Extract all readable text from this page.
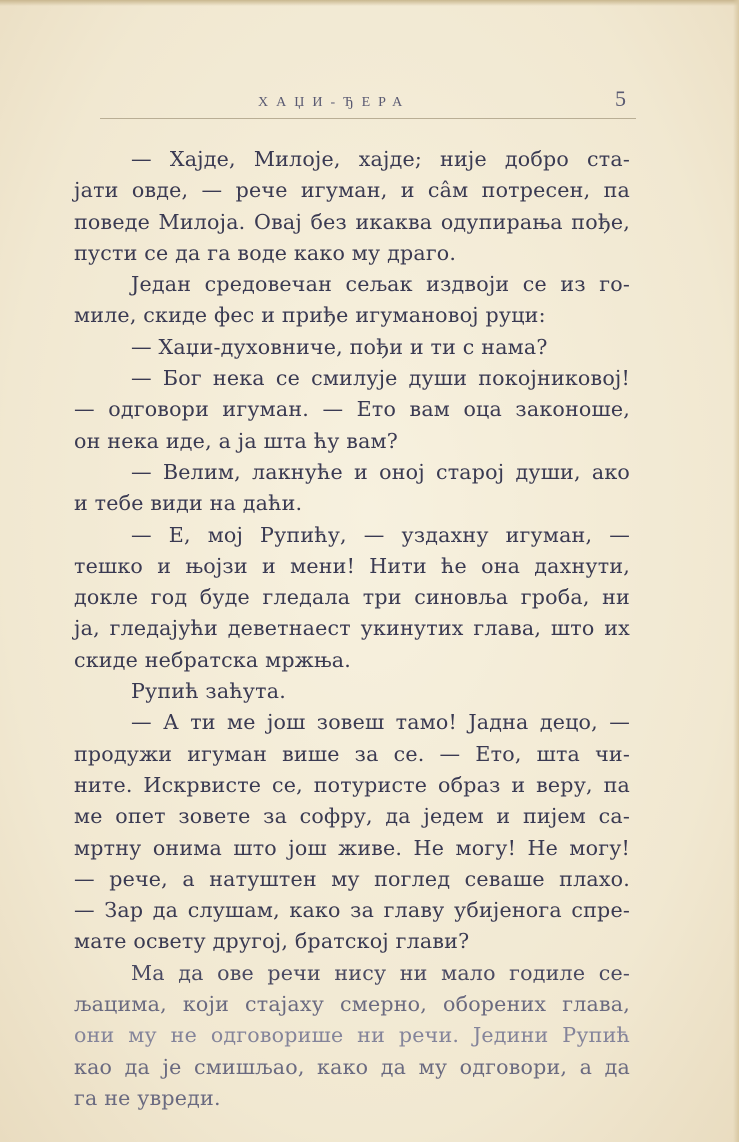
ХАЏИ-ЂЕРА	5
— Хајде, Милоје, хајде; није добро ста-
јати овде, — рече игуман, и сâм потресен, па
поведе Милоја. Овај без икаква одупирања пође,
пусти се да га воде како му драго.
Један средовечан сељак издвоји се из го-
миле, скиде фес и приђе игумановој руци:
— Хаџи-духовниче, пођи и ти с нама?
— Бог нека се смилује души покојниковој!
— одговори игуман. — Ето вам оца законоше,
он нека иде, а ја шта ћу вам?
— Велим, лакнуће и оној старој души, ако
и тебе види на даћи.
— Е, мој Рупићу, — уздахну игуман, —
тешко и њојзи и мени! Нити ће она дахнути,
докле год буде гледала три синовља гроба, ни
ја, гледајући деветнаест укинутих глава, што их
скиде небратска мржња.
Рупић заћута.
— А ти ме још зовеш тамо! Јадна децо, —
продужи игуман више за се. — Ето, шта чи-
ните. Искрвисте се, потуристе образ и веру, па
ме опет зовете за софру, да једем и пијем са-
мртну онима што још живе. Не могу! Не могу!
— рече, а натуштен му поглед севаше плахо.
— Зар да слушам, како за главу убијенога спре-
мате освету другој, братској глави?
Ма да ове речи нису ни мало годиле се-
љацима, који стајаху смерно, оборених глава,
они му не одговорише ни речи. Једини Рупић
као да је смишљао, како да му одговори, а да
га не увреди.
